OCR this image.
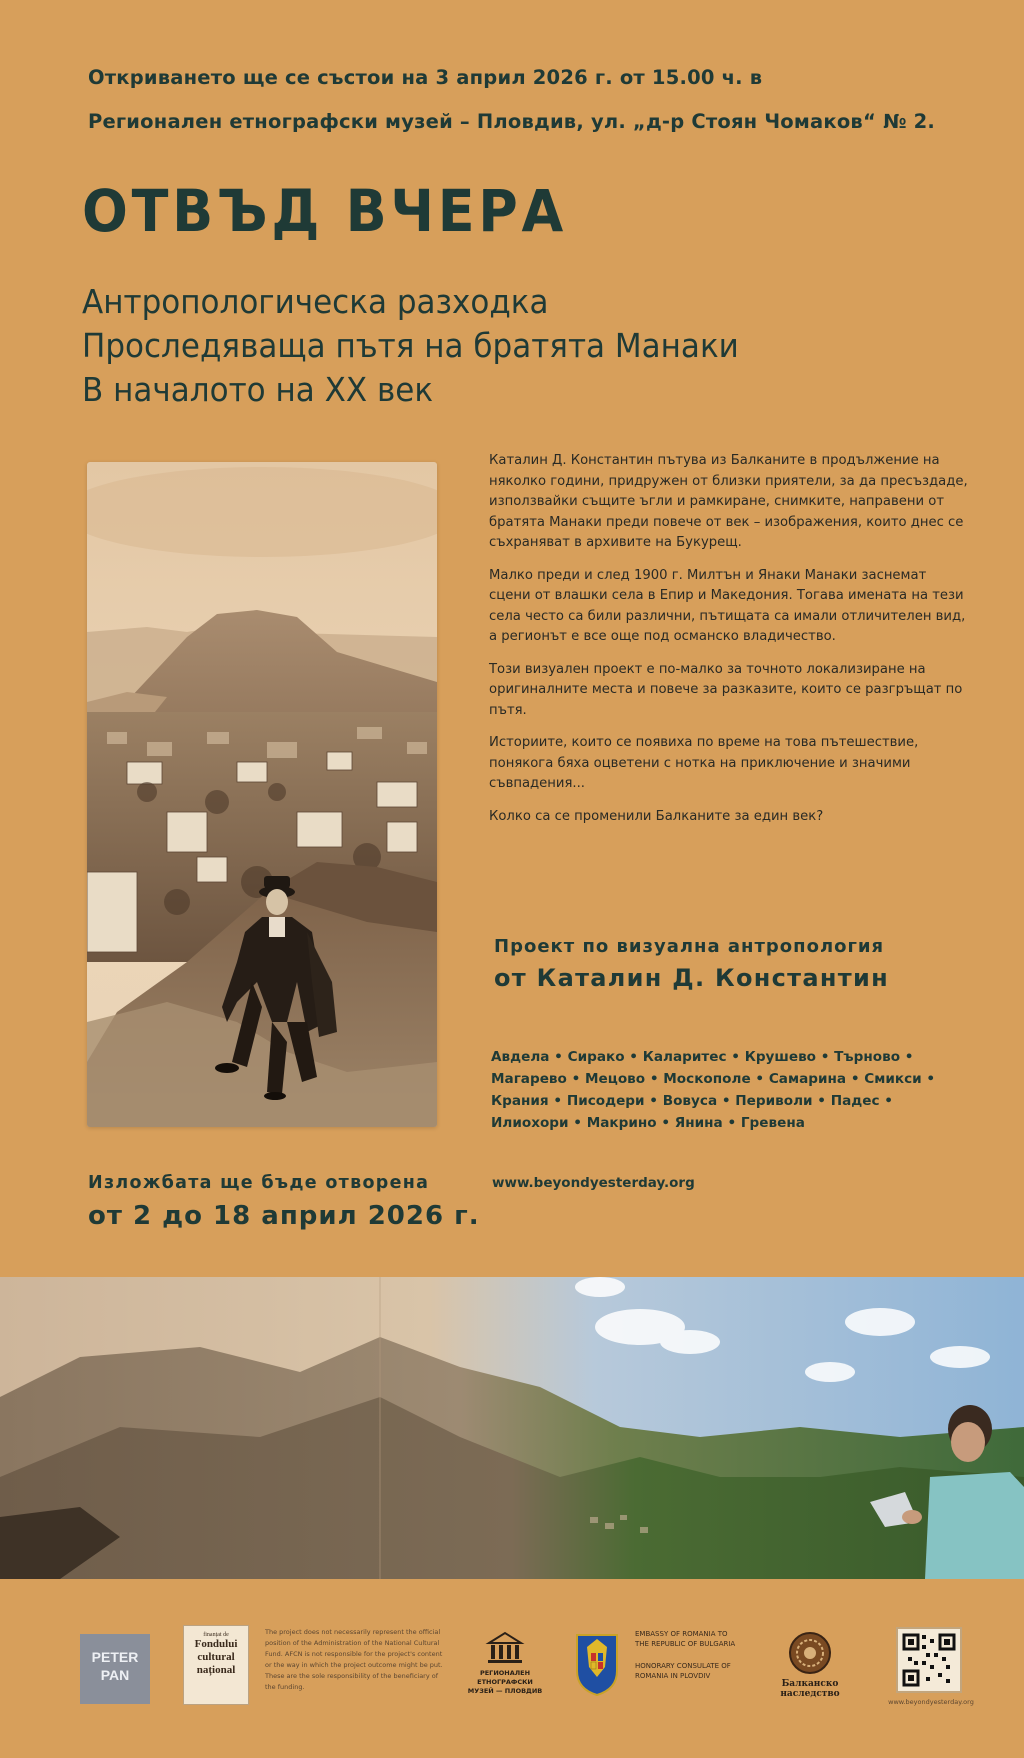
Откриването ще се състои на 3 април 2026 г. от 15.00 ч. в
Регионален етнографски музей – Пловдив, ул. „д-р Стоян Чомаков“ № 2.
ОТВЪД ВЧЕРА
Антропологическа разходка
Проследяваща пътя на братята Манаки
В началото на XX век

Каталин Д. Константин пътува из Балканите в продължение на няколко години, придружен от близки приятели, за да пресъздаде, използвайки същите ъгли и рамкиране, снимките, направени от братята Манаки преди повече от век – изображения, които днес се съхраняват в архивите на Букурещ.

Малко преди и след 1900 г. Милтън и Янаки Манаки заснемат сцени от влашки села в Епир и Македония. Тогава имената на тези села често са били различни, пътищата са имали отличителен вид, а регионът е все още под османско владичество.

Този визуален проект е по-малко за точното локализиране на оригиналните места и повече за разказите, които се разгръщат по пътя.

Историите, които се появиха по време на това пътешествие, понякога бяха оцветени с нотка на приключение и значими съвпадения...

Колко са се променили Балканите за един век?

Проект по визуална антропология
от Каталин Д. Константин
Авдела • Сирако • Каларитес • Крушево • Търново • Магарево • Мецово • Москополе • Самарина • Смикси • Крания • Писодери • Вовуса • Периволи • Падес • Илиохори • Макрино • Янина • Гревена
Изложбата ще бъде отворена
от 2 до 18 април 2026 г.
www.beyondyesterday.org
PETER
PAN
finanțat de
Fondului
cultural
național
The project does not necessarily represent the official position of the Administration of the National Cultural Fund. AFCN is not responsible for the project's content or the way in which the project outcome might be put. These are the sole responsibility of the beneficiary of the funding.
РЕГИОНАЛЕН
ЕТНОГРАФСКИ
МУЗЕЙ — ПЛОВДИВ
EMBASSY OF ROMANIA TO
THE REPUBLIC OF BULGARIA
HONORARY CONSULATE OF
ROMANIA IN PLOVDIV
Балканско
наследство
www.beyondyesterday.org
